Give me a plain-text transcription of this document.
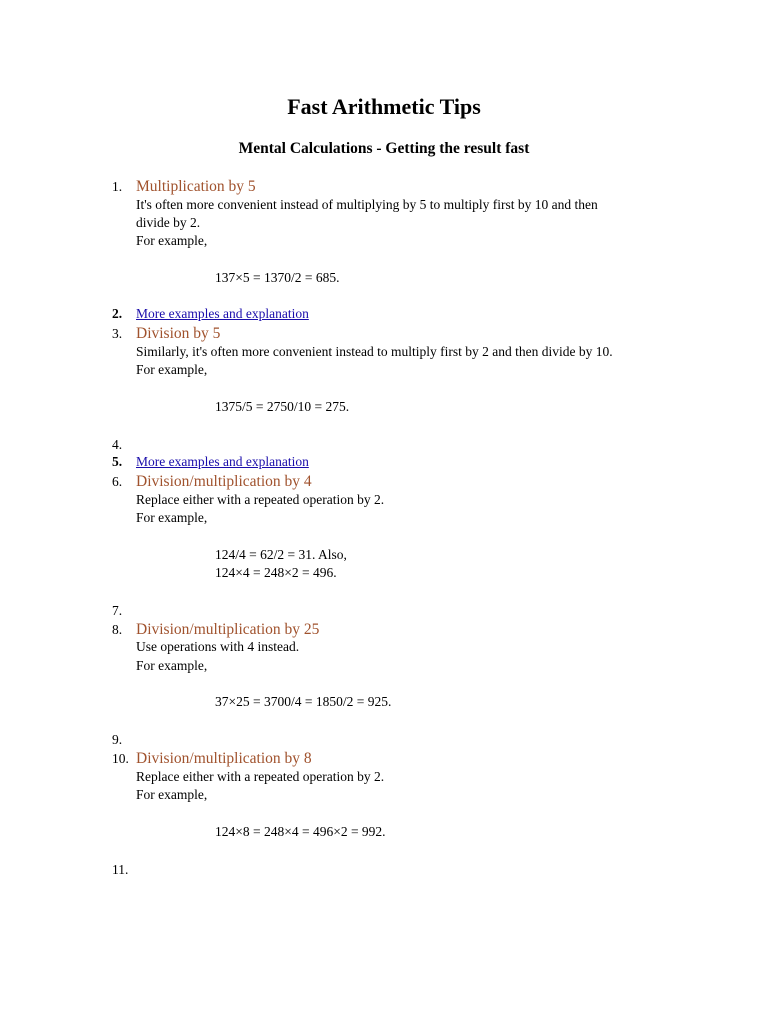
Fast Arithmetic Tips
Mental Calculations - Getting the result fast
1. Multiplication by 5
It's often more convenient instead of multiplying by 5 to multiply first by 10 and then
divide by 2.
For example,
137×5 = 1370/2 = 685.
2. More examples and explanation
3. Division by 5
Similarly, it's often more convenient instead to multiply first by 2 and then divide by 10.
For example,
1375/5 = 2750/10 = 275.
4.
5. More examples and explanation
6. Division/multiplication by 4
Replace either with a repeated operation by 2.
For example,
124/4 = 62/2 = 31. Also,
124×4 = 248×2 = 496.
7.
8. Division/multiplication by 25
Use operations with 4 instead.
For example,
37×25 = 3700/4 = 1850/2 = 925.
9.
10. Division/multiplication by 8
Replace either with a repeated operation by 2.
For example,
124×8 = 248×4 = 496×2 = 992.
11.
